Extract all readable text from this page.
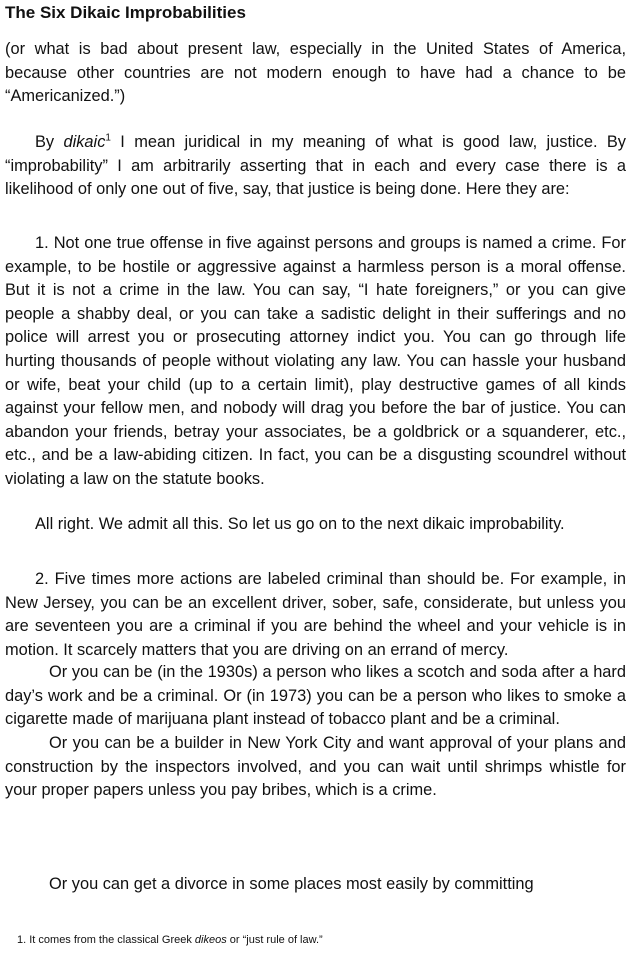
The Six Dikaic Improbabilities

(or what is bad about present law, especially in the United States of America, because other countries are not modern enough to have had a chance to be “Americanized.”)

By dikaic$^1$ I mean juridical in my meaning of what is good law, justice. By “improbability” I am arbitrarily asserting that in each and every case there is a likelihood of only one out of five, say, that justice is being done. Here they are:

1. Not one true offense in five against persons and groups is named a crime. For example, to be hostile or aggressive against a harmless person is a moral offense. But it is not a crime in the law. You can say, “I hate foreigners,” or you can give people a shabby deal, or you can take a sadistic delight in their sufferings and no police will arrest you or prosecuting attorney indict you. You can go through life hurting thousands of people without violating any law. You can hassle your husband or wife, beat your child (up to a certain limit), play destructive games of all kinds against your fellow men, and nobody will drag you before the bar of justice. You can abandon your friends, betray your associates, be a goldbrick or a squanderer, etc., etc., and be a law-abiding citizen. In fact, you can be a disgusting scoundrel without violating a law on the statute books.

All right. We admit all this. So let us go on to the next dikaic improbability.

2. Five times more actions are labeled criminal than should be. For example, in New Jersey, you can be an excellent driver, sober, safe, considerate, but unless you are seventeen you are a criminal if you are behind the wheel and your vehicle is in motion. It scarcely matters that you are driving on an errand of mercy.

Or you can be (in the 1930s) a person who likes a scotch and soda after a hard day’s work and be a criminal. Or (in 1973) you can be a person who likes to smoke a cigarette made of marijuana plant instead of tobacco plant and be a criminal.

Or you can be a builder in New York City and want approval of your plans and construction by the inspectors involved, and you can wait until shrimps whistle for your proper papers unless you pay bribes, which is a crime.

Or you can get a divorce in some places most easily by committing

1. It comes from the classical Greek dikeos or “just rule of law.”
